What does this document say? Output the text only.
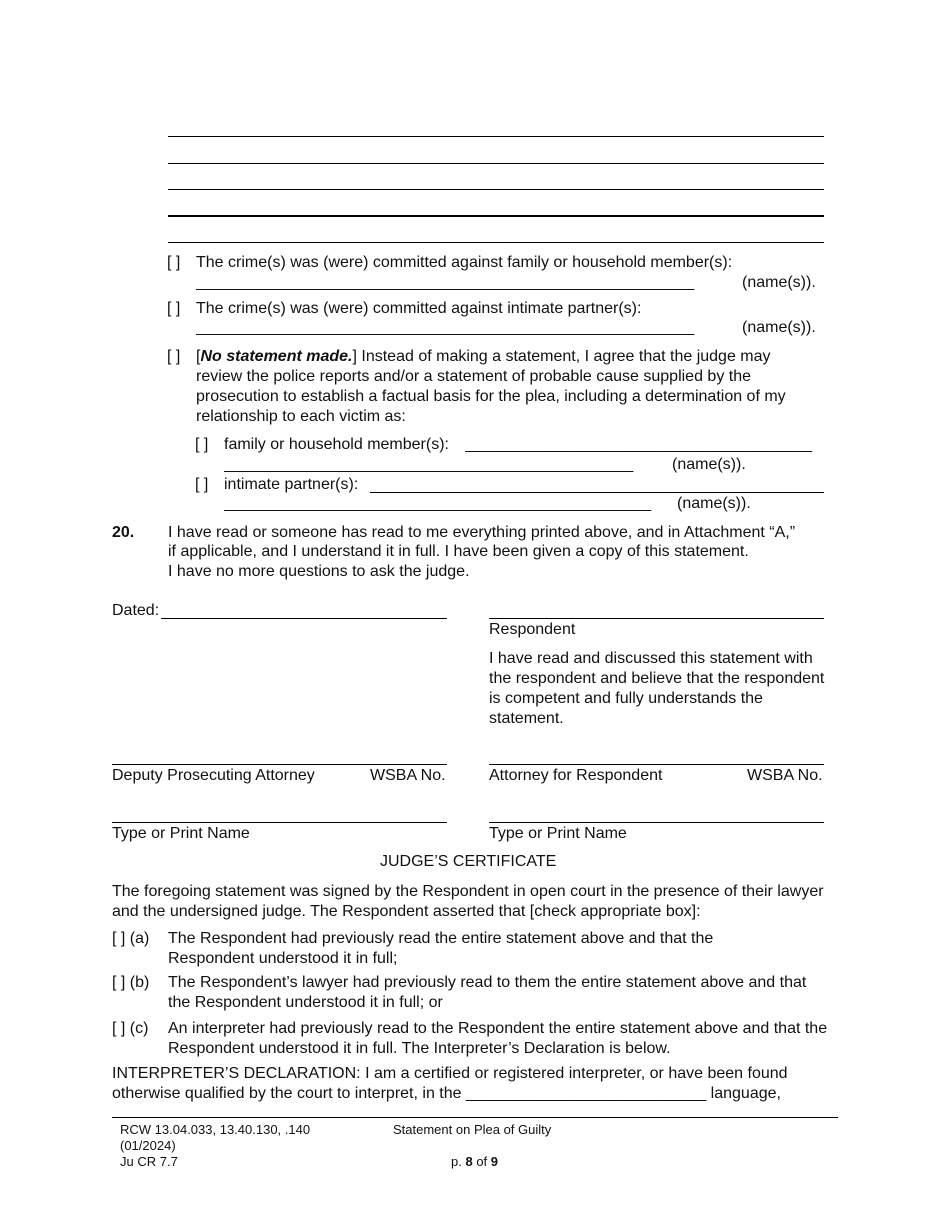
[ ] The crime(s) was (were) committed against family or household member(s):
________________________________________________________	(name(s)).
[ ] The crime(s) was (were) committed against intimate partner(s):
________________________________________________________	(name(s)).
[ ] [No statement made.] Instead of making a statement, I agree that the judge may
review the police reports and/or a statement of probable cause supplied by the prosecution to establish a factual basis for the plea, including a determination of my relationship to each victim as:
[ ] family or household member(s): _______________________________________
______________________________________________	(name(s)).
[ ] intimate partner(s):
________________________________________________	(name(s)).
20. I have read or someone has read to me everything printed above, and in Attachment “A,”
if applicable, and I understand it in full. I have been given a copy of this statement.
I have no more questions to ask the judge.
Dated:
Respondent
I have read and discussed this statement with the respondent and believe that the respondent is competent and fully understands the statement.
Deputy Prosecuting Attorney	WSBA No.	Attorney for Respondent	WSBA No.
Type or Print Name	Type or Print Name
JUDGE’S CERTIFICATE
The foregoing statement was signed by the Respondent in open court in the presence of their lawyer and the undersigned judge. The Respondent asserted that [check appropriate box]:
[ ] (a) The Respondent had previously read the entire statement above and that the Respondent understood it in full;
[ ] (b) The Respondent’s lawyer had previously read to them the entire statement above and that the Respondent understood it in full; or
[ ] (c) An interpreter had previously read to the Respondent the entire statement above and that the Respondent understood it in full. The Interpreter’s Declaration is below.
INTERPRETER’S DECLARATION: I am a certified or registered interpreter, or have been found
otherwise qualified by the court to interpret, in the ___________________________ language,
RCW 13.04.033, 13.40.130, .140
(01/2024)
Ju CR 7.7
Statement on Plea of Guilty
p. 8 of 9
